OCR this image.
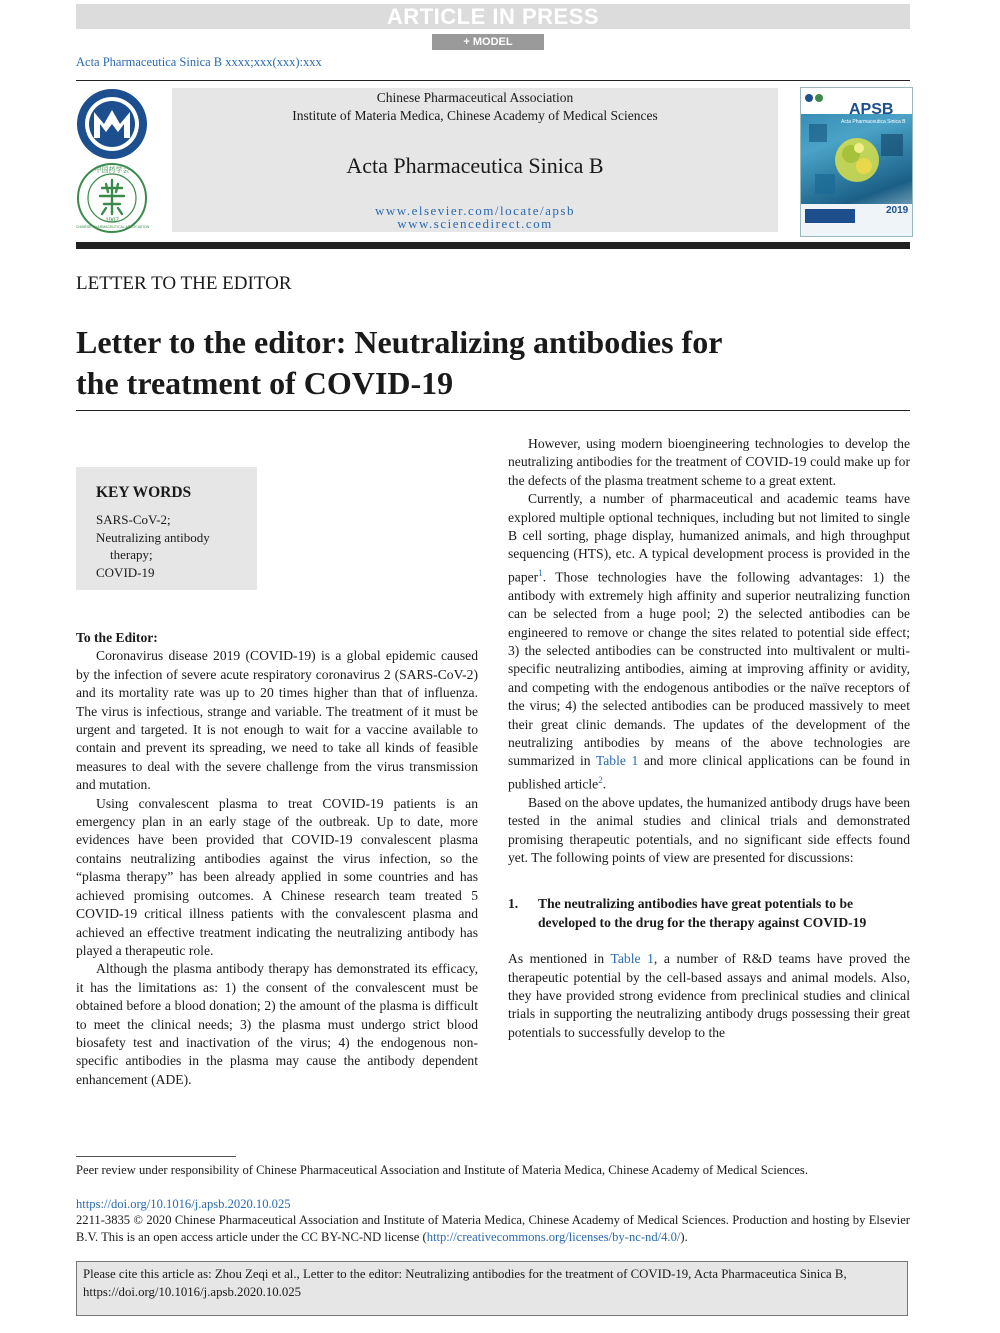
ARTICLE IN PRESS
+ MODEL
Acta Pharmaceutica Sinica B xxxx;xxx(xxx):xxx
中国药学会
1907
CHINESE PHARMACEUTICAL ASSOCIATION
Chinese Pharmaceutical Association
Institute of Materia Medica, Chinese Academy of Medical Sciences
Acta Pharmaceutica Sinica B
www.elsevier.com/locate/apsb
www.sciencedirect.com
APSB
Acta Pharmaceutica Sinica B
2019
LETTER TO THE EDITOR
Letter to the editor: Neutralizing antibodies for
the treatment of COVID-19
KEY WORDS
SARS-CoV-2;
Neutralizing antibody
therapy;
COVID-19

To the Editor:

Coronavirus disease 2019 (COVID-19) is a global epidemic caused by the infection of severe acute respiratory coronavirus 2 (SARS-CoV-2) and its mortality rate was up to 20 times higher than that of influenza. The virus is infectious, strange and variable. The treatment of it must be urgent and targeted. It is not enough to wait for a vaccine available to contain and prevent its spreading, we need to take all kinds of feasible measures to deal with the severe challenge from the virus transmission and mutation.

Using convalescent plasma to treat COVID-19 patients is an emergency plan in an early stage of the outbreak. Up to date, more evidences have been provided that COVID-19 convalescent plasma contains neutralizing antibodies against the virus infection, so the “plasma therapy” has been already applied in some countries and has achieved promising outcomes. A Chinese research team treated 5 COVID-19 critical illness patients with the convalescent plasma and achieved an effective treatment indicating the neutralizing antibody has played a therapeutic role.

Although the plasma antibody therapy has demonstrated its efficacy, it has the limitations as: 1) the consent of the convalescent must be obtained before a blood donation; 2) the amount of the plasma is difficult to meet the clinical needs; 3) the plasma must undergo strict blood biosafety test and inactivation of the virus; 4) the endogenous non-specific antibodies in the plasma may cause the antibody dependent enhancement (ADE).

However, using modern bioengineering technologies to develop the neutralizing antibodies for the treatment of COVID-19 could make up for the defects of the plasma treatment scheme to a great extent.

Currently, a number of pharmaceutical and academic teams have explored multiple optional techniques, including but not limited to single B cell sorting, phage display, humanized animals, and high throughput sequencing (HTS), etc. A typical development process is provided in the paper$^1$. Those technologies have the following advantages: 1) the antibody with extremely high affinity and superior neutralizing function can be selected from a huge pool; 2) the selected antibodies can be engineered to remove or change the sites related to potential side effect; 3) the selected antibodies can be constructed into multivalent or multi-specific neutralizing antibodies, aiming at improving affinity or avidity, and competing with the endogenous antibodies or the naïve receptors of the virus; 4) the selected antibodies can be produced massively to meet their great clinic demands. The updates of the development of the neutralizing antibodies by means of the above technologies are summarized in Table 1 and more clinical applications can be found in published article$^2$.

Based on the above updates, the humanized antibody drugs have been tested in the animal studies and clinical trials and demonstrated promising therapeutic potentials, and no significant side effects found yet. The following points of view are presented for discussions:

1.	The neutralizing antibodies have great potentials to be developed to the drug for the therapy against COVID-19

As mentioned in Table 1, a number of R&D teams have proved the therapeutic potential by the cell-based assays and animal models. Also, they have provided strong evidence from preclinical studies and clinical trials in supporting the neutralizing antibody drugs possessing their great potentials to successfully develop to the

Peer review under responsibility of Chinese Pharmaceutical Association and Institute of Materia Medica, Chinese Academy of Medical Sciences.
https://doi.org/10.1016/j.apsb.2020.10.025
2211-3835 © 2020 Chinese Pharmaceutical Association and Institute of Materia Medica, Chinese Academy of Medical Sciences. Production and hosting by Elsevier B.V. This is an open access article under the CC BY-NC-ND license (http://creativecommons.org/licenses/by-nc-nd/4.0/).
Please cite this article as: Zhou Zeqi et al., Letter to the editor: Neutralizing antibodies for the treatment of COVID-19, Acta Pharmaceutica Sinica B, https://doi.org/10.1016/j.apsb.2020.10.025
